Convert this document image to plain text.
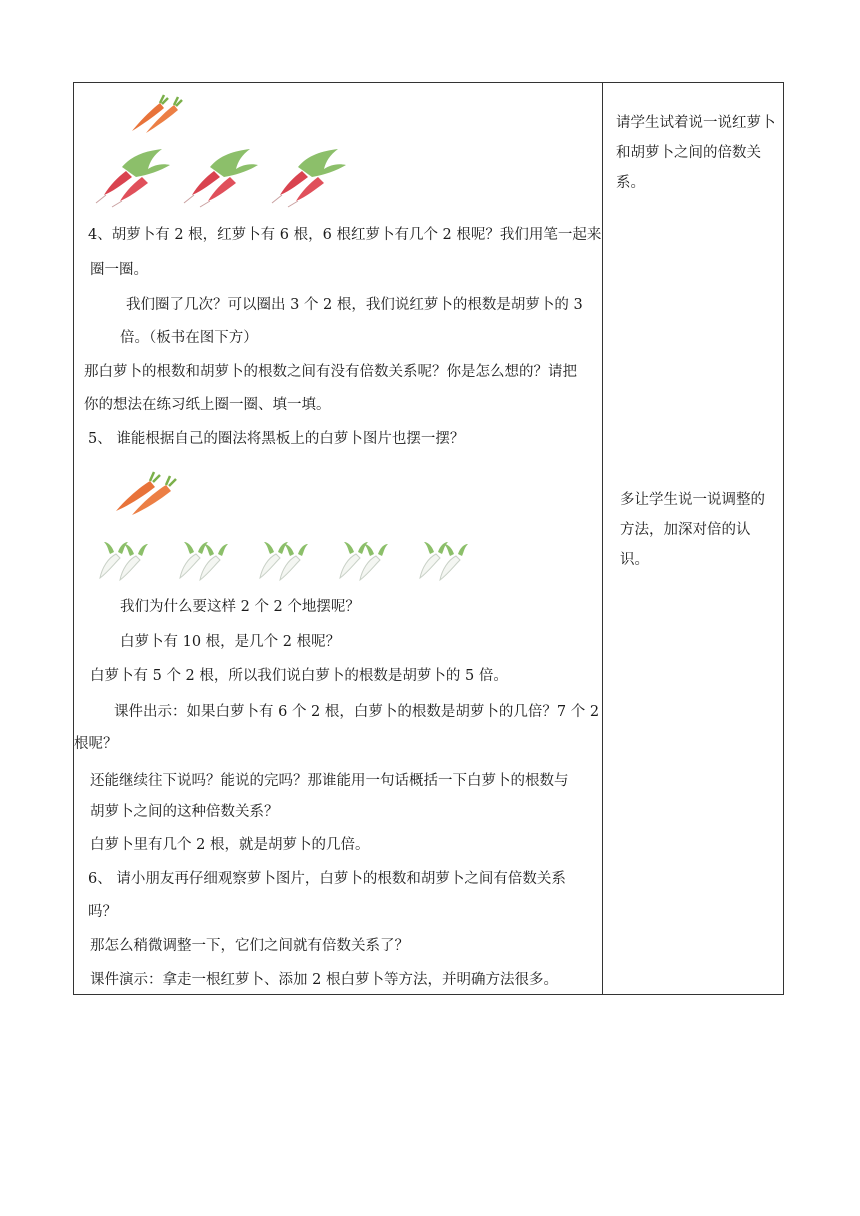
4、胡萝卜有 2 根，红萝卜有 6 根，6 根红萝卜有几个 2 根呢？我们用笔一起来
圈一圈。
我们圈了几次？可以圈出 3 个 2 根，我们说红萝卜的根数是胡萝卜的 3
倍。（板书在图下方）
那白萝卜的根数和胡萝卜的根数之间有没有倍数关系呢？你是怎么想的？请把
你的想法在练习纸上圈一圈、填一填。
5、 谁能根据自己的圈法将黑板上的白萝卜图片也摆一摆？
我们为什么要这样 2 个 2 个地摆呢？
白萝卜有 10 根，是几个 2 根呢？
白萝卜有 5 个 2 根，所以我们说白萝卜的根数是胡萝卜的 5 倍。
课件出示：如果白萝卜有 6 个 2 根，白萝卜的根数是胡萝卜的几倍？7 个 2
根呢？
还能继续往下说吗？能说的完吗？那谁能用一句话概括一下白萝卜的根数与
胡萝卜之间的这种倍数关系？
白萝卜里有几个 2 根，就是胡萝卜的几倍。
6、 请小朋友再仔细观察萝卜图片，白萝卜的根数和胡萝卜之间有倍数关系
吗？
那怎么稍微调整一下，它们之间就有倍数关系了？
课件演示：拿走一根红萝卜、添加 2 根白萝卜等方法，并明确方法很多。
请学生试着说一说红萝卜和胡萝卜之间的倍数关系。
多让学生说一说调整的方法，加深对倍的认识。
